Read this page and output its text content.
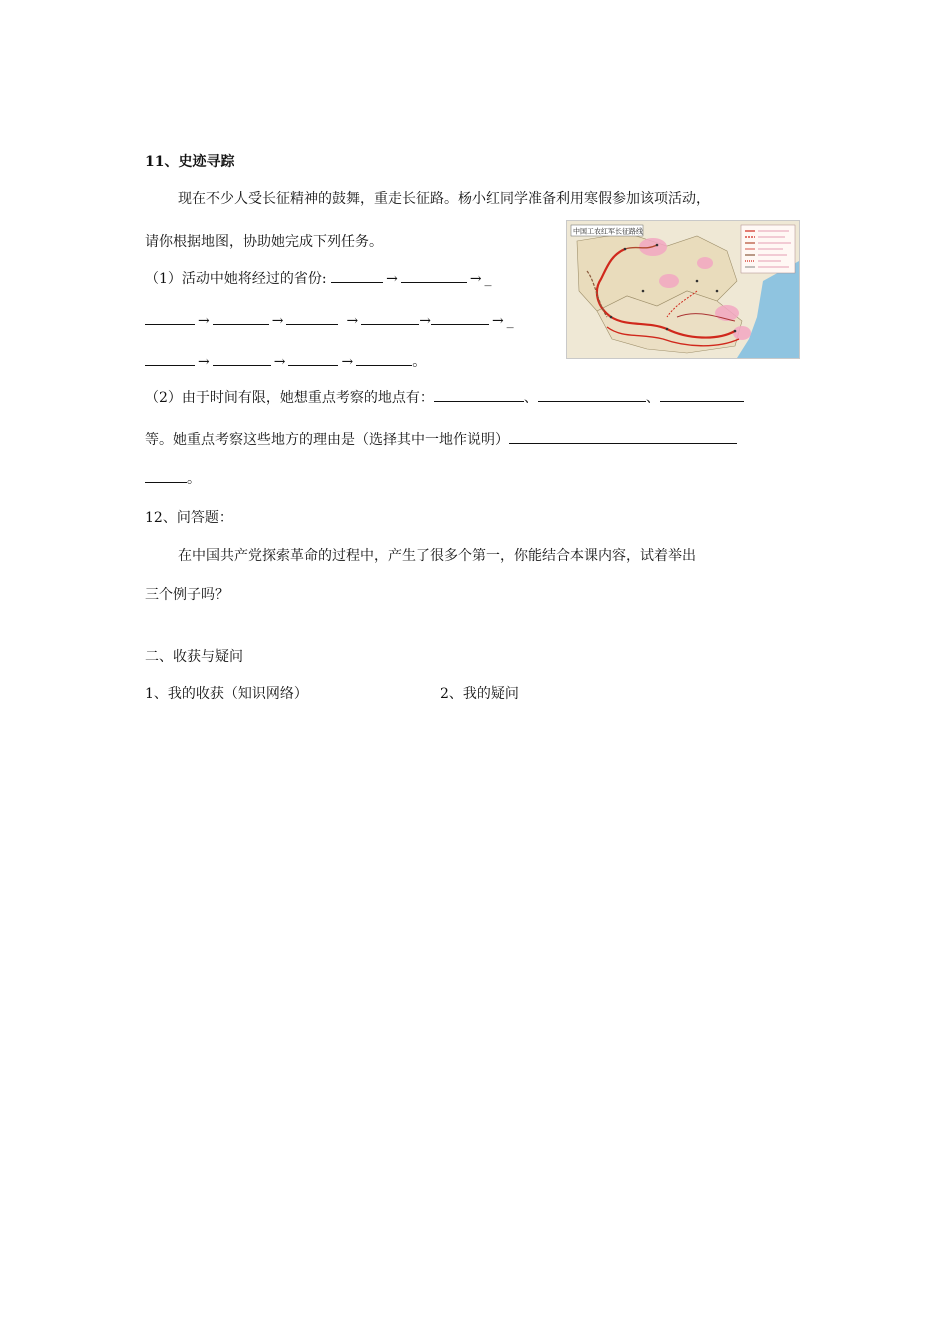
11、史迹寻踪
现在不少人受长征精神的鼓舞，重走长征路。杨小红同学准备利用寒假参加该项活动，
请你根据地图，协助她完成下列任务。
中国工农红军长征路线
（1）活动中她将经过的省份:	→	→ _
→	→	→	→	→ _
→	→	→	。
（2）由于时间有限，她想重点考察的地点有：	、	、
等。她重点考察这些地方的理由是（选择其中一地作说明）
。
12、问答题：
在中国共产党探索革命的过程中，产生了很多个第一，你能结合本课内容，试着举出
三个例子吗？
二、收获与疑问
1、我的收获（知识网络）	2、我的疑问
